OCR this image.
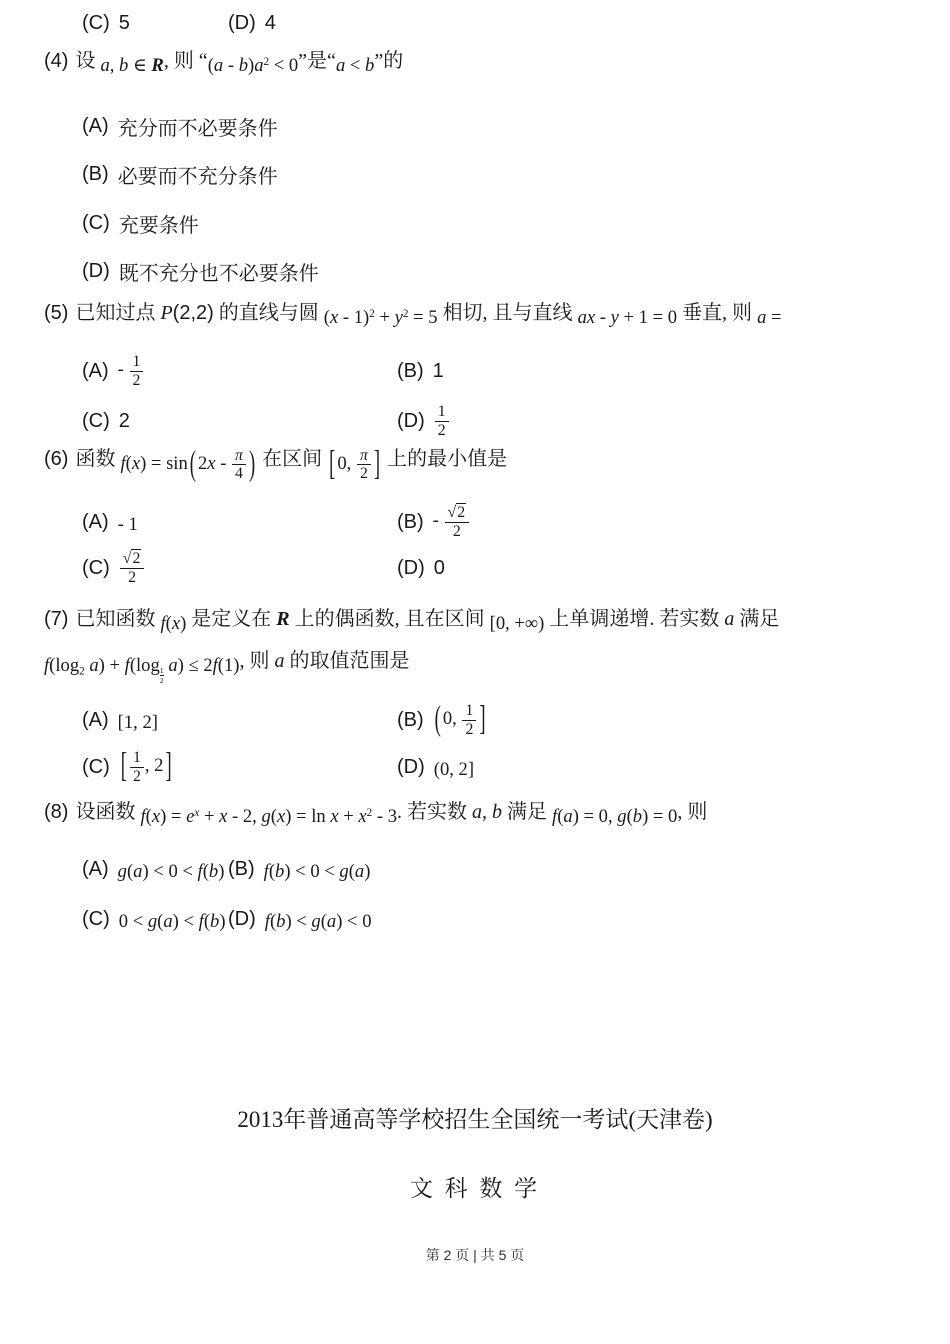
(C) 5	(D) 4
(4) 设 a, b ∈ R, 则 “$(a - b)a^2 < 0$”是“a < b”的
(A) 充分而不必要条件
(B) 必要而不充分条件
(C) 充要条件
(D) 既不充分也不必要条件
(5) 已知过点 P(2,2) 的直线与圆 $(x - 1)^2 + y^2 = 5$ 相切, 且与直线 ax - y + 1 = 0 垂直, 则 a =
$(A) - \frac{1}{2}$	(B) 1
(C) 2	$(D) \frac{1}{2}$
(6) 函数 f(x) = sin ( $2x - \frac{\pi}{4}$ ) 在区间 [ 0, $\frac{\pi}{2}$ ] 上的最小值是
(A) - 1	$(B) - \frac{√2}{2}$
$(C) \frac{√2}{2}$	(D) 0
(7) 已知函数 f(x) 是定义在 R 上的偶函数, 且在区间 [0, +∞) 上单调递增. 若实数 a 满足
f(log2 $a) + f(\log \frac{1}{2} a) \le 2f(1)$, 则 a 的取值范围是
(A) [1, 2]	(B) ( 0, $\frac{1}{2}$ ]
(C) [ $\frac{1}{2}$ , 2 ]	(D) (0, 2]
(8) 设函数 $f(x) = e^x + x - 2$, $g(x) = \ln x + x^2 - 3$. 若实数 a, b 满足 f(a) = 0, g(b) = 0, 则
(A) g(a) < 0 < f(b) (B) f(b) < 0 < g(a)
(C) 0 < g(a) < f(b) (D) f(b) < g(a) < 0
2013年普通高等学校招生全国统一考试(天津卷)
文 科 数 学
第 2 页 | 共 5 页
